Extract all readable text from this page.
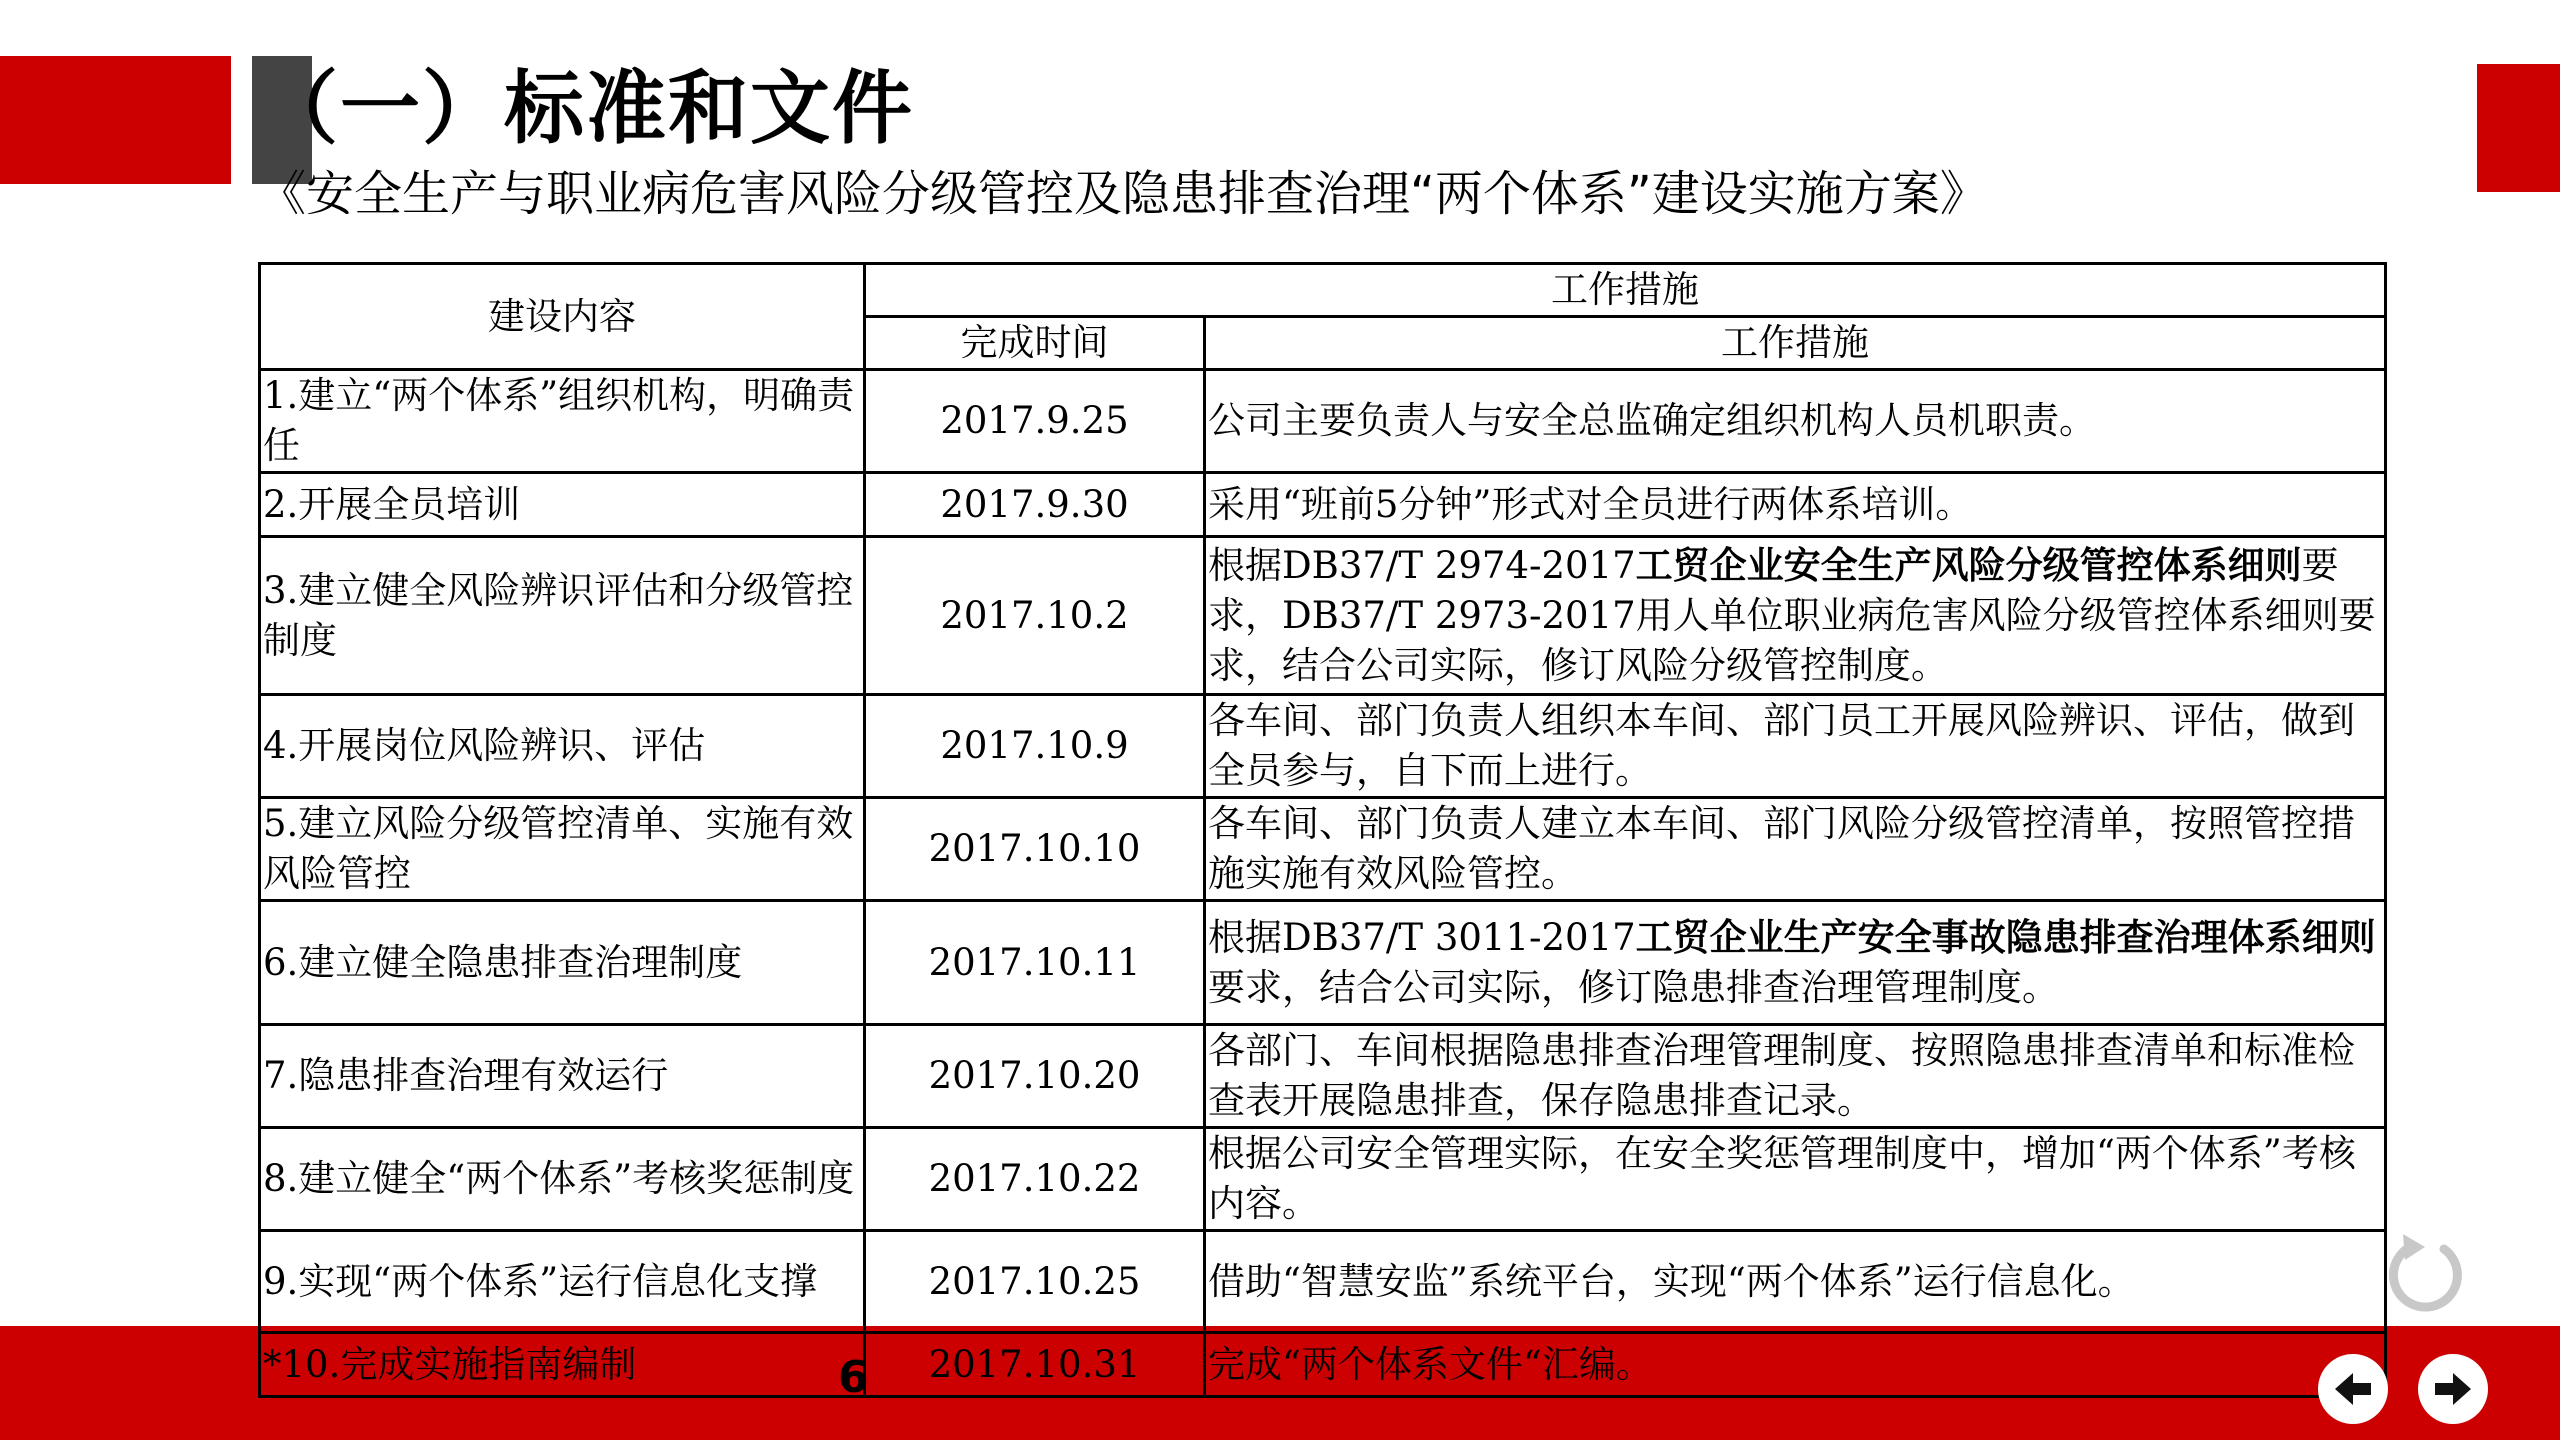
（一）标准和文件
《安全生产与职业病危害风险分级管控及隐患排查治理“两个体系”建设实施方案》
建设内容	工作措施	
	完成时间	工作措施
1.建立“两个体系”组织机构，明确责任	2017.9.25	公司主要负责人与安全总监确定组织机构人员机职责。
2.开展全员培训	2017.9.30	采用“班前5分钟”形式对全员进行两体系培训。
3.建立健全风险辨识评估和分级管控制度	2017.10.2	根据DB37/T 2974-2017工贸企业安全生产风险分级管控体系细则要求，DB37/T 2973-2017用人单位职业病危害风险分级管控体系细则要求，结合公司实际，修订风险分级管控制度。
4.开展岗位风险辨识、评估	2017.10.9	各车间、部门负责人组织本车间、部门员工开展风险辨识、评估，做到全员参与，自下而上进行。
5.建立风险分级管控清单、实施有效风险管控	2017.10.10	各车间、部门负责人建立本车间、部门风险分级管控清单，按照管控措施实施有效风险管控。
6.建立健全隐患排查治理制度	2017.10.11	根据DB37/T 3011-2017工贸企业生产安全事故隐患排查治理体系细则要求，结合公司实际，修订隐患排查治理管理制度。
7.隐患排查治理有效运行	2017.10.20	各部门、车间根据隐患排查治理管理制度、按照隐患排查清单和标准检查表开展隐患排查，保存隐患排查记录。
8.建立健全“两个体系”考核奖惩制度	2017.10.22	根据公司安全管理实际，在安全奖惩管理制度中，增加“两个体系”考核内容。
9.实现“两个体系”运行信息化支撑	2017.10.25	借助“智慧安监”系统平台，实现“两个体系”运行信息化。
*10.完成实施指南编制	2017.10.31	完成“两个体系文件“汇编。
6
